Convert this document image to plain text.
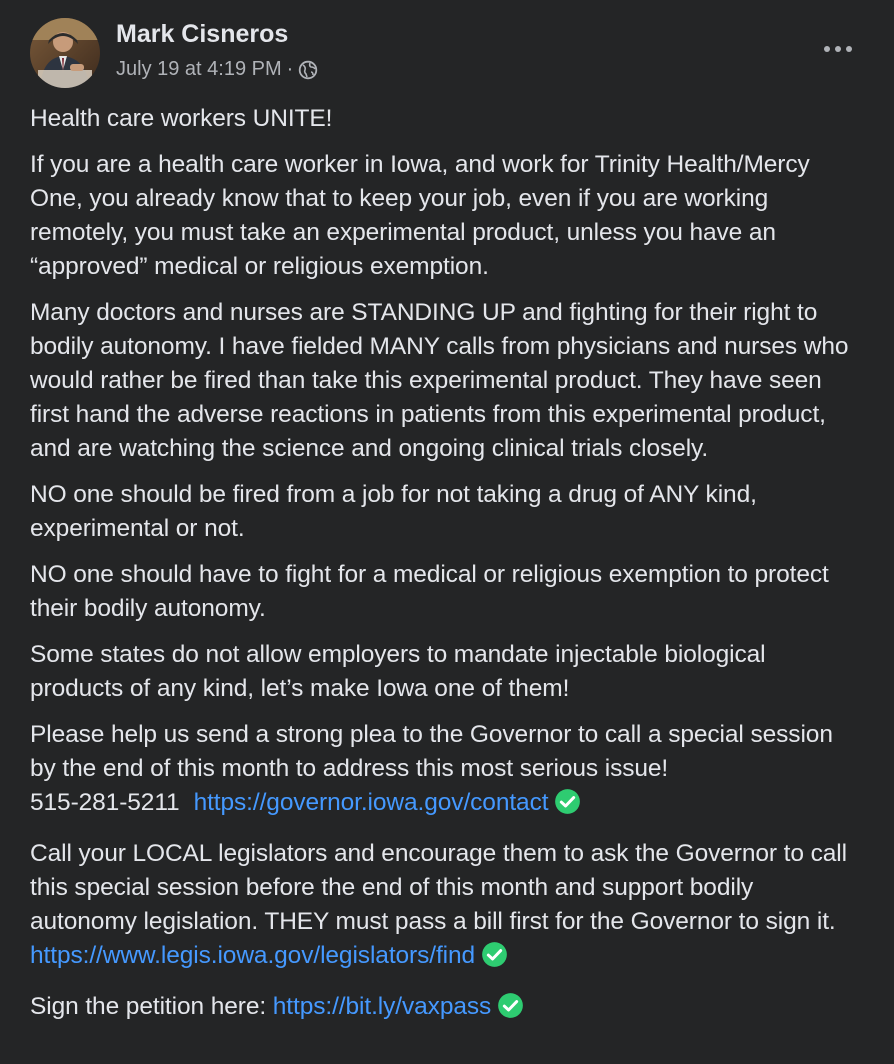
Mark Cisneros
July 19 at 4:19 PM ·

Health care workers UNITE!

If you are a health care worker in Iowa, and work for Trinity Health/Mercy One, you already know that to keep your job, even if you are working remotely, you must take an experimental product, unless you have an “approved” medical or religious exemption.

Many doctors and nurses are STANDING UP and fighting for their right to bodily autonomy. I have fielded MANY calls from physicians and nurses who would rather be fired than take this experimental product. They have seen first hand the adverse reactions in patients from this experimental product, and are watching the science and ongoing clinical trials closely.

NO one should be fired from a job for not taking a drug of ANY kind, experimental or not.

NO one should have to fight for a medical or religious exemption to protect their bodily autonomy.

Some states do not allow employers to mandate injectable biological products of any kind, let’s make Iowa one of them!

Please help us send a strong plea to the Governor to call a special session by the end of this month to address this most serious issue!
515-281-5211 https://governor.iowa.gov/contact

Call your LOCAL legislators and encourage them to ask the Governor to call this special session before the end of this month and support bodily autonomy legislation. THEY must pass a bill first for the Governor to sign it. https://www.legis.iowa.gov/legislators/find

Sign the petition here: https://bit.ly/vaxpass
